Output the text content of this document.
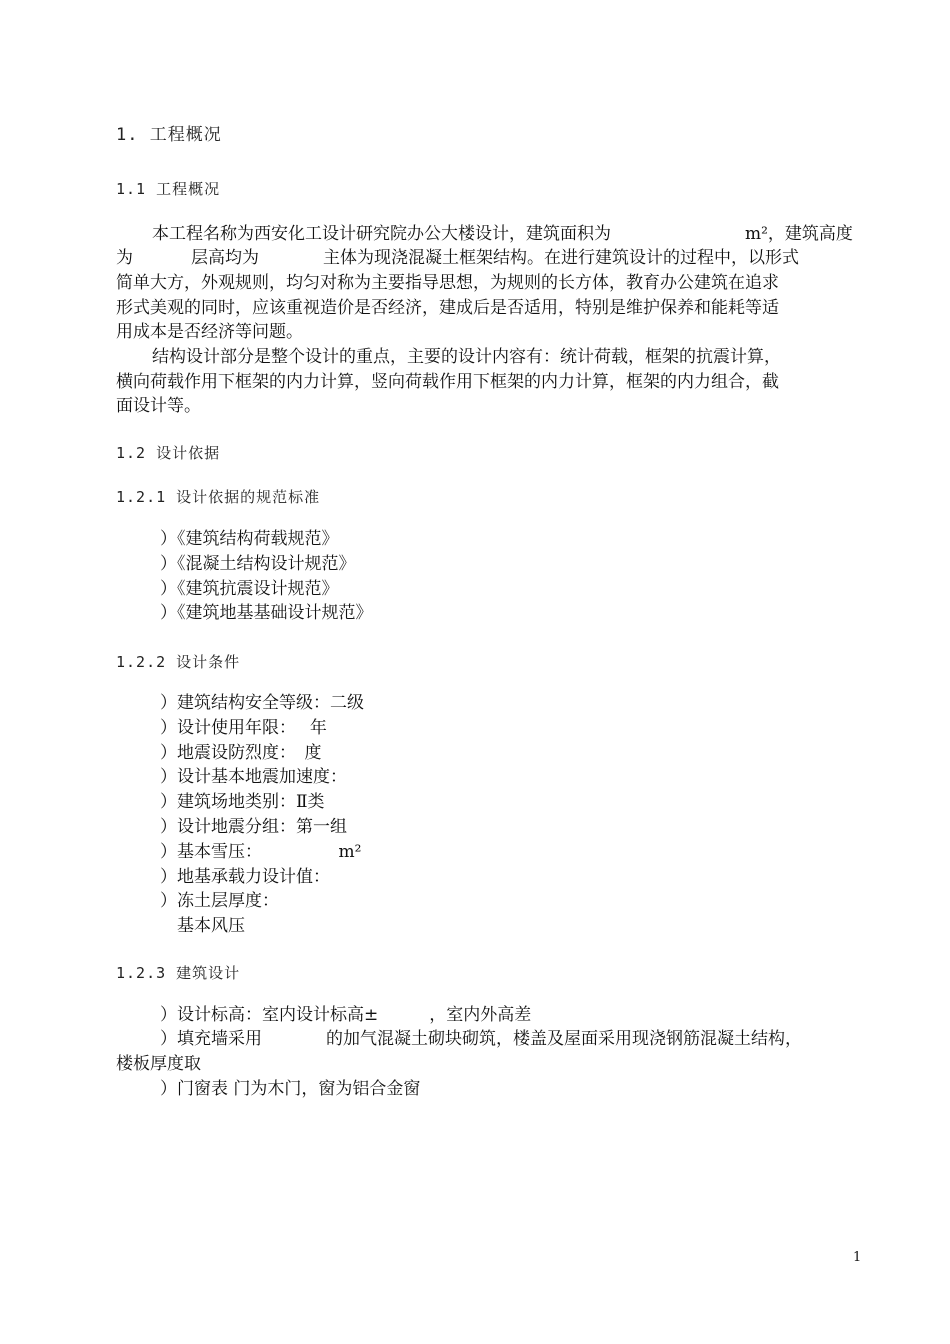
1. 工程概况
1.1 工程概况
本工程名称为西安化工设计研究院办公大楼设计，建筑面积为	m²，建筑高度
为	层高均为	主体为现浇混凝土框架结构。在进行建筑设计的过程中，以形式
简单大方，外观规则，均匀对称为主要指导思想，为规则的长方体，教育办公建筑在追求
形式美观的同时，应该重视造价是否经济，建成后是否适用，特别是维护保养和能耗等适
用成本是否经济等问题。
结构设计部分是整个设计的重点，主要的设计内容有：统计荷载，框架的抗震计算，
横向荷载作用下框架的内力计算，竖向荷载作用下框架的内力计算，框架的内力组合，截
面设计等。
1.2 设计依据
1.2.1 设计依据的规范标准
）《建筑结构荷载规范》
）《混凝土结构设计规范》
）《建筑抗震设计规范》
）《建筑地基基础设计规范》
1.2.2 设计条件
）建筑结构安全等级：二级
）设计使用年限：　 年
）地震设防烈度：　度
）设计基本地震加速度：
）建筑场地类别：Ⅱ类
）设计地震分组：第一组
）基本雪压：　　　　　m²
）地基承载力设计值：
）冻土层厚度：
　基本风压
1.2.3 建筑设计
）设计标高：室内设计标高±　　　，室内外高差
）填充墙采用	的加气混凝土砌块砌筑，楼盖及屋面采用现浇钢筋混凝土结构，
楼板厚度取
）门窗表 门为木门，窗为铝合金窗
1
